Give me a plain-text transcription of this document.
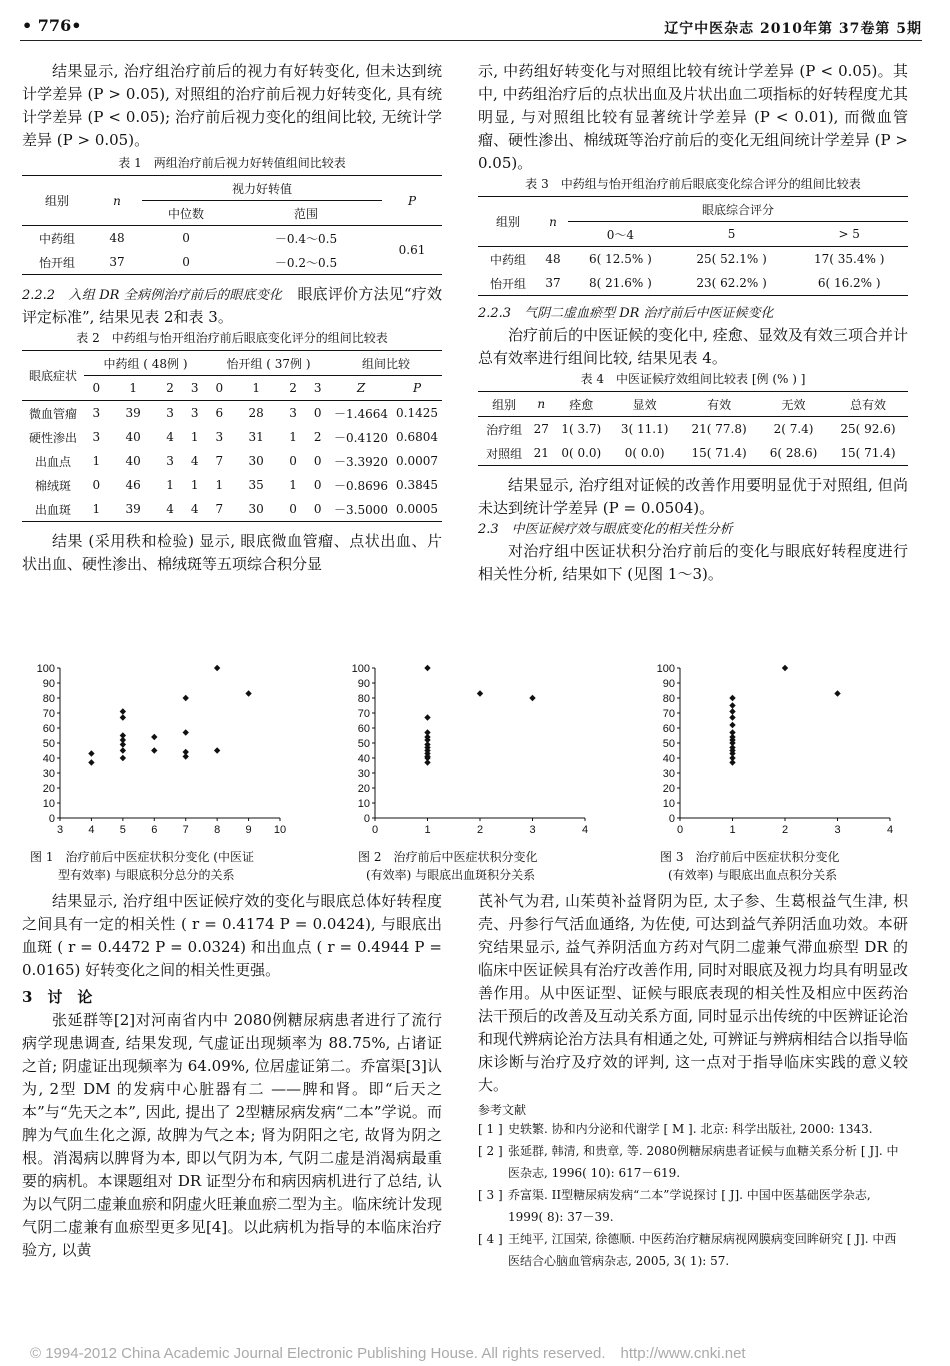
• 776•	辽宁中医杂志 2010年第 37卷第 5期

结果显示, 治疗组治疗前后的视力有好转变化, 但未达到统计学差异 (P > 0.05), 对照组的治疗前后视力好转变化, 具有统计学差异 (P < 0.05); 治疗前后视力变化的组间比较, 无统计学差异 (P > 0.05)。

表 1　两组治疗前后视力好转值组间比较表
组别	n	视力好转值		P
		中位数	范围	
中药组	48	0	－0.4～0.5	0.61
怡开组	37	0	－0.2～0.5	

2.2.2　入组 DR 全病例治疗前后的眼底变化　眼底评价方法见“疗效评定标准”, 结果见表 2和表 3。

表 2　中药组与怡开组治疗前后眼底变化评分的组间比较表
眼底症状	中药组 ( 48例 )				怡开组 ( 37例 )				组间比较	
	0	1	2	3	0	1	2	3	Z	P
微血管瘤	3	39	3	3	6	28	3	0	－1.4664	0.1425
硬性渗出	3	40	4	1	3	31	1	2	－0.4120	0.6804
出血点	1	40	3	4	7	30	0	0	－3.3920	0.0007
棉绒斑	0	46	1	1	1	35	1	0	－0.8696	0.3845
出血斑	1	39	4	4	7	30	0	0	－3.5000	0.0005

结果 (采用秩和检验) 显示, 眼底微血管瘤、点状出血、片状出血、硬性渗出、棉绒斑等五项综合积分显

示, 中药组好转变化与对照组比较有统计学差异 (P < 0.05)。其中, 中药组治疗后的点状出血及片状出血二项指标的好转程度尤其明显, 与对照组比较有显著统计学差异 (P < 0.01), 而微血管瘤、硬性渗出、棉绒斑等治疗前后的变化无组间统计学差异 (P > 0.05)。

表 3　中药组与怡开组治疗前后眼底变化综合评分的组间比较表
组别	n	眼底综合评分		
		0～4	5	> 5
中药组	48	6( 12.5% )	25( 52.1% )	17( 35.4% )
怡开组	37	8( 21.6% )	23( 62.2% )	6( 16.2% )
2.2.3　气阴二虚血瘀型 DR 治疗前后中医证候变化

治疗前后的中医证候的变化中, 痊愈、显效及有效三项合并计总有效率进行组间比较, 结果见表 4。

表 4　中医证候疗效组间比较表 [例 (% ) ]
组别	n	痊愈	显效	有效	无效	总有效
治疗组	27	1( 3.7)	3( 11.1)	21( 77.8)	2( 7.4)	25( 92.6)
对照组	21	0( 0.0)	0( 0.0)	15( 71.4)	6( 28.6)	15( 71.4)

结果显示, 治疗组对证候的改善作用要明显优于对照组, 但尚未达到统计学差异 (P = 0.0504)。

2.3　中医证候疗效与眼底变化的相关性分析

对治疗组中医证状积分治疗前后的变化与眼底好转程度进行相关性分析, 结果如下 (见图 1～3)。

0
10
20
30
40
50
60
70
80
90
100
3 4 5 6 7 8 9 10
0
10
20
30
40
50
60
70
80
90
100
0	1	2	3	4
0
10
20
30
40
50
60
70
80
90
100
0	1	2	3	4
图 1　治疗前后中医症状积分变化 (中医证
型有效率) 与眼底积分总分的关系
图 2　治疗前后中医症状积分变化
(有效率) 与眼底出血斑积分关系
图 3　治疗前后中医症状积分变化
(有效率) 与眼底出血点积分关系

结果显示, 治疗组中医证候疗效的变化与眼底总体好转程度之间具有一定的相关性 ( r = 0.4174 P = 0.0424), 与眼底出血斑 ( r = 0.4472 P = 0.0324) 和出血点 ( r = 0.4944 P = 0.0165) 好转变化之间的相关性更强。

3　讨　论

张延群等[2]对河南省内中 2080例糖尿病患者进行了流行病学现患调查, 结果发现, 气虚证出现频率为 88.75%, 占诸证之首; 阴虚证出现频率为 64.09%, 位居虚证第二。乔富渠[3]认为, 2型 DM 的发病中心脏器有二 ——脾和肾。即“后天之本”与“先天之本”, 因此, 提出了 2型糖尿病发病“二本”学说。而脾为气血生化之源, 故脾为气之本; 肾为阴阳之宅, 故肾为阴之根。消渴病以脾肾为本, 即以气阴为本, 气阴二虚是消渴病最重要的病机。本课题组对 DR 证型分布和病因病机进行了总结, 认为以气阴二虚兼血瘀和阴虚火旺兼血瘀二型为主。临床统计发现气阴二虚兼有血瘀型更多见[4]。以此病机为指导的本临床治疗验方, 以黄

芪补气为君, 山茱萸补益肾阴为臣, 太子参、生葛根益气生津, 枳壳、丹参行气活血通络, 为佐使, 可达到益气养阴活血功效。本研究结果显示, 益气养阴活血方药对气阴二虚兼气滞血瘀型 DR 的临床中医证候具有治疗改善作用, 同时对眼底及视力均具有明显改善作用。从中医证型、证候与眼底表现的相关性及相应中医药治法干预后的改善及互动关系方面, 同时显示出传统的中医辨证论治和现代辨病论治方法具有相通之处, 可辨证与辨病相结合以指导临床诊断与治疗及疗效的评判, 这一点对于指导临床实践的意义较大。

参考文献
[ 1 ] 史轶繁. 协和内分泌和代谢学 [ M ]. 北京: 科学出版社, 2000: 1343.
[ 2 ] 张延群, 韩清, 和贵章, 等. 2080例糖尿病患者证候与血糖关系分析 [ J]. 中医杂志, 1996( 10): 617－619.
[ 3 ] 乔富渠. II型糖尿病发病“二本”学说探讨 [ J]. 中国中医基础医学杂志, 1999( 8): 37－39.
[ 4 ] 王纯平, 江国荣, 徐德顺. 中医药治疗糖尿病视网膜病变回眸研究 [ J]. 中西医结合心脑血管病杂志, 2005, 3( 1): 57.
© 1994-2012 China Academic Journal Electronic Publishing House. All rights reserved.　http://www.cnki.net
